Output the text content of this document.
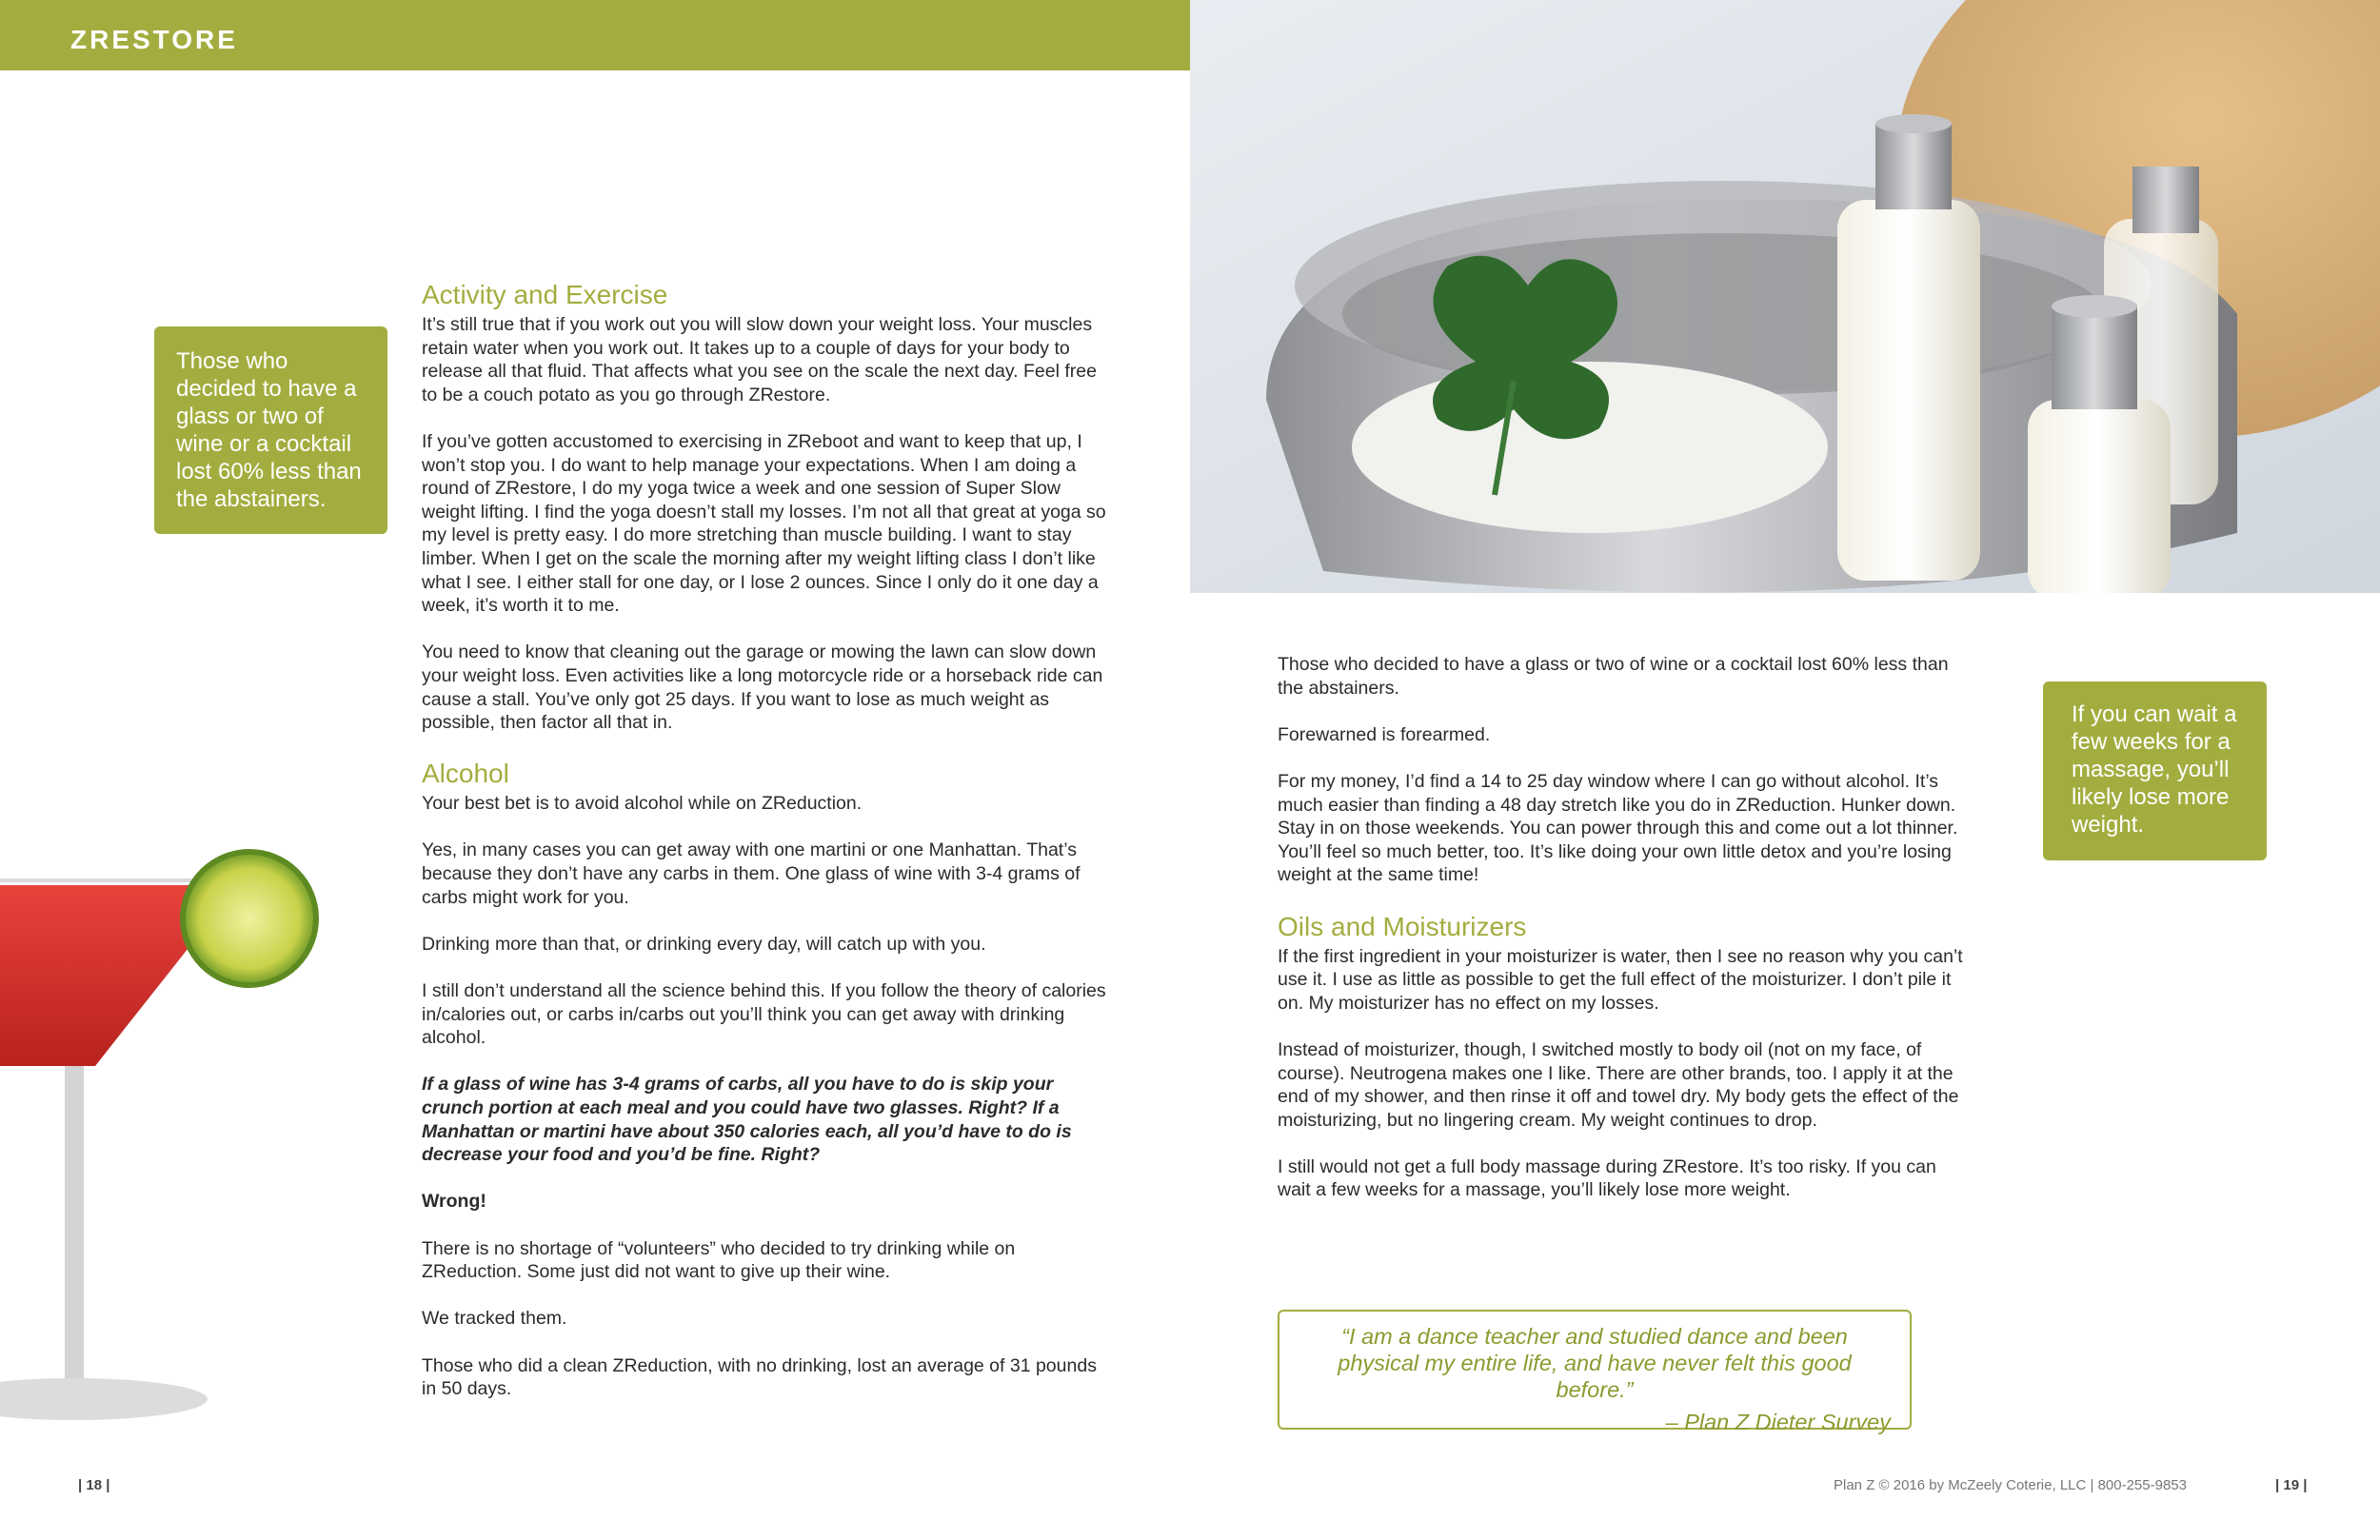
ZRESTORE
Those who decided to have a glass or two of wine or a cocktail lost 60% less than the abstainers.
Activity and Exercise

It’s still true that if you work out you will slow down your weight loss. Your muscles retain water when you work out. It takes up to a couple of days for your body to release all that fluid. That affects what you see on the scale the next day. Feel free to be a couch potato as you go through ZRestore.

If you’ve gotten accustomed to exercising in ZReboot and want to keep that up, I won’t stop you. I do want to help manage your expectations. When I am doing a round of ZRestore, I do my yoga twice a week and one session of Super Slow weight lifting. I find the yoga doesn’t stall my losses. I’m not all that great at yoga so my level is pretty easy. I do more stretching than muscle building. I want to stay limber. When I get on the scale the morning after my weight lifting class I don’t like what I see. I either stall for one day, or I lose 2 ounces. Since I only do it one day a week, it’s worth it to me.

You need to know that cleaning out the garage or mowing the lawn can slow down your weight loss. Even activities like a long motorcycle ride or a horseback ride can cause a stall. You’ve only got 25 days. If you want to lose as much weight as possible, then factor all that in.

Alcohol

Your best bet is to avoid alcohol while on ZReduction.

Yes, in many cases you can get away with one martini or one Manhattan. That’s because they don’t have any carbs in them. One glass of wine with 3-4 grams of carbs might work for you.

Drinking more than that, or drinking every day, will catch up with you.

I still don’t understand all the science behind this. If you follow the theory of calories in/calories out, or carbs in/carbs out you’ll think you can get away with drinking alcohol.

If a glass of wine has 3-4 grams of carbs, all you have to do is skip your crunch portion at each meal and you could have two glasses. Right? If a Manhattan or martini have about 350 calories each, all you’d have to do is decrease your food and you’d be fine. Right?

Wrong!

There is no shortage of “volunteers” who decided to try drinking while on ZReduction. Some just did not want to give up their wine.

We tracked them.

Those who did a clean ZReduction, with no drinking, lost an average of 31 pounds in 50 days.

Those who decided to have a glass or two of wine or a cocktail lost 60% less than the abstainers.

Forewarned is forearmed.

For my money, I’d find a 14 to 25 day window where I can go without alcohol. It’s much easier than finding a 48 day stretch like you do in ZReduction. Hunker down. Stay in on those weekends. You can power through this and come out a lot thinner. You’ll feel so much better, too. It’s like doing your own little detox and you’re losing weight at the same time!

Oils and Moisturizers

If the first ingredient in your moisturizer is water, then I see no reason why you can’t use it. I use as little as possible to get the full effect of the moisturizer. I don’t pile it on. My moisturizer has no effect on my losses.

Instead of moisturizer, though, I switched mostly to body oil (not on my face, of course). Neutrogena makes one I like. There are other brands, too. I apply it at the end of my shower, and then rinse it off and towel dry. My body gets the effect of the moisturizing, but no lingering cream. My weight continues to drop.

I still would not get a full body massage during ZRestore. It’s too risky. If you can wait a few weeks for a massage, you’ll likely lose more weight.

If you can wait a few weeks for a massage, you’ll likely lose more weight.
“I am a dance teacher and studied dance and been physical my entire life, and have never felt this good before.”
– Plan Z Dieter Survey
| 18 |	Plan Z © 2016 by McZeely Coterie, LLC | 800-255-9853	| 19 |
